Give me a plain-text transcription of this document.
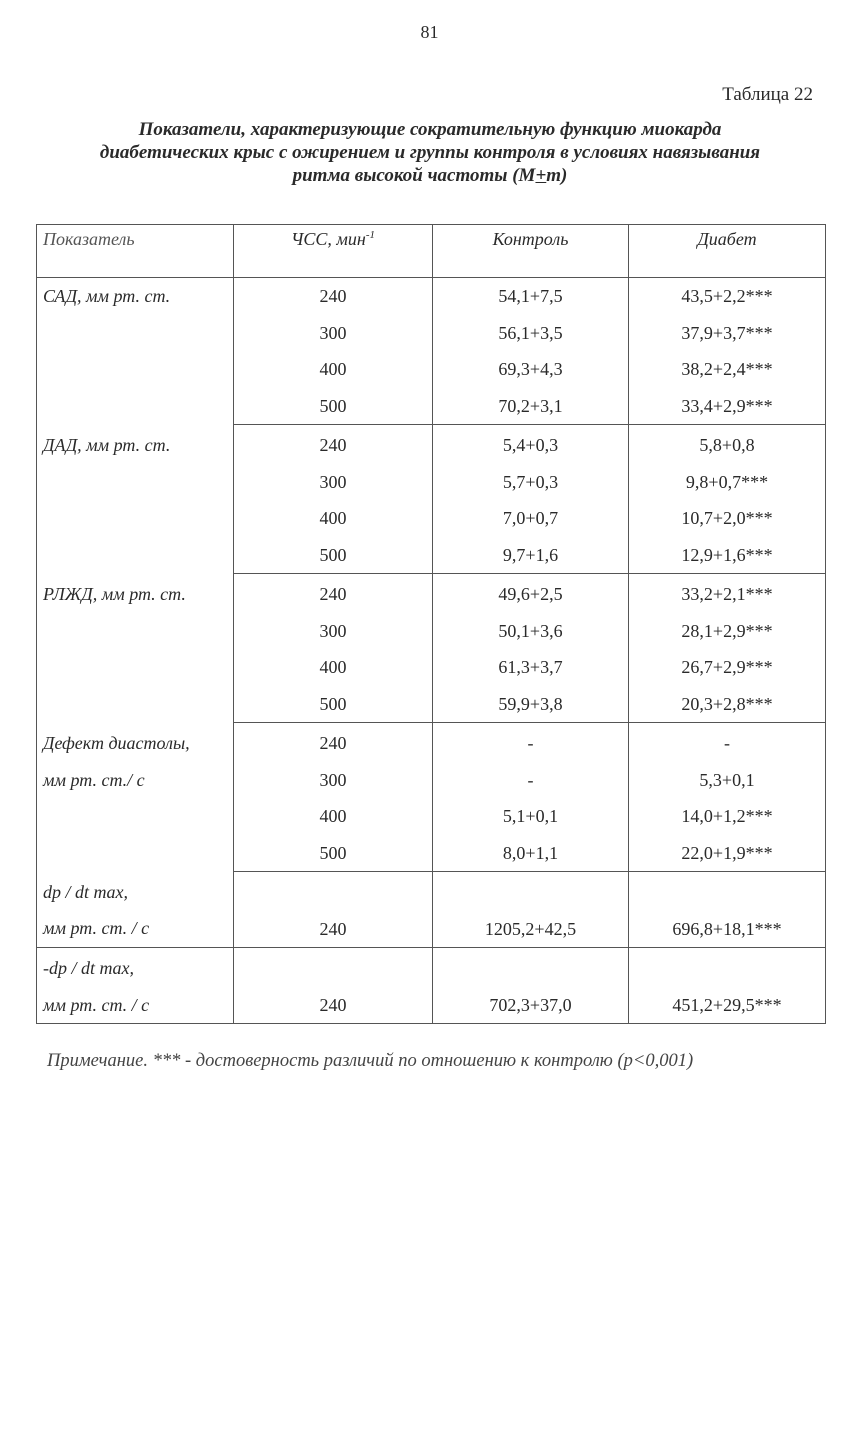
81
Таблица 22
Показатели, характеризующие сократительную функцию миокарда
диабетических крыс с ожирением и группы контроля в условиях навязывания
ритма высокой частоты (M+m)
Показатель	ЧСС, мин$^{-1}$	Контроль	Диабет
САД, мм рт. ст.	240	54,1+7,5	43,5+2,2***
	300	56,1+3,5	37,9+3,7***
	400	69,3+4,3	38,2+2,4***
	500	70,2+3,1	33,4+2,9***
ДАД, мм рт. ст.	240	5,4+0,3	5,8+0,8
	300	5,7+0,3	9,8+0,7***
	400	7,0+0,7	10,7+2,0***
	500	9,7+1,6	12,9+1,6***
РЛЖД, мм рт. ст.	240	49,6+2,5	33,2+2,1***
	300	50,1+3,6	28,1+2,9***
	400	61,3+3,7	26,7+2,9***
	500	59,9+3,8	20,3+2,8***
Дефект диастолы,	240	-	-
мм рт. ст./ с	300	-	5,3+0,1
	400	5,1+0,1	14,0+1,2***
	500	8,0+1,1	22,0+1,9***

dp / dt max,
мм рт. ст. / с	240	1205,2+42,5	696,8+18,1***

-dp / dt max,
мм рт. ст. / с	240	702,3+37,0	451,2+29,5***
Примечание. *** - достоверность различий по отношению к контролю (р<0,001)
